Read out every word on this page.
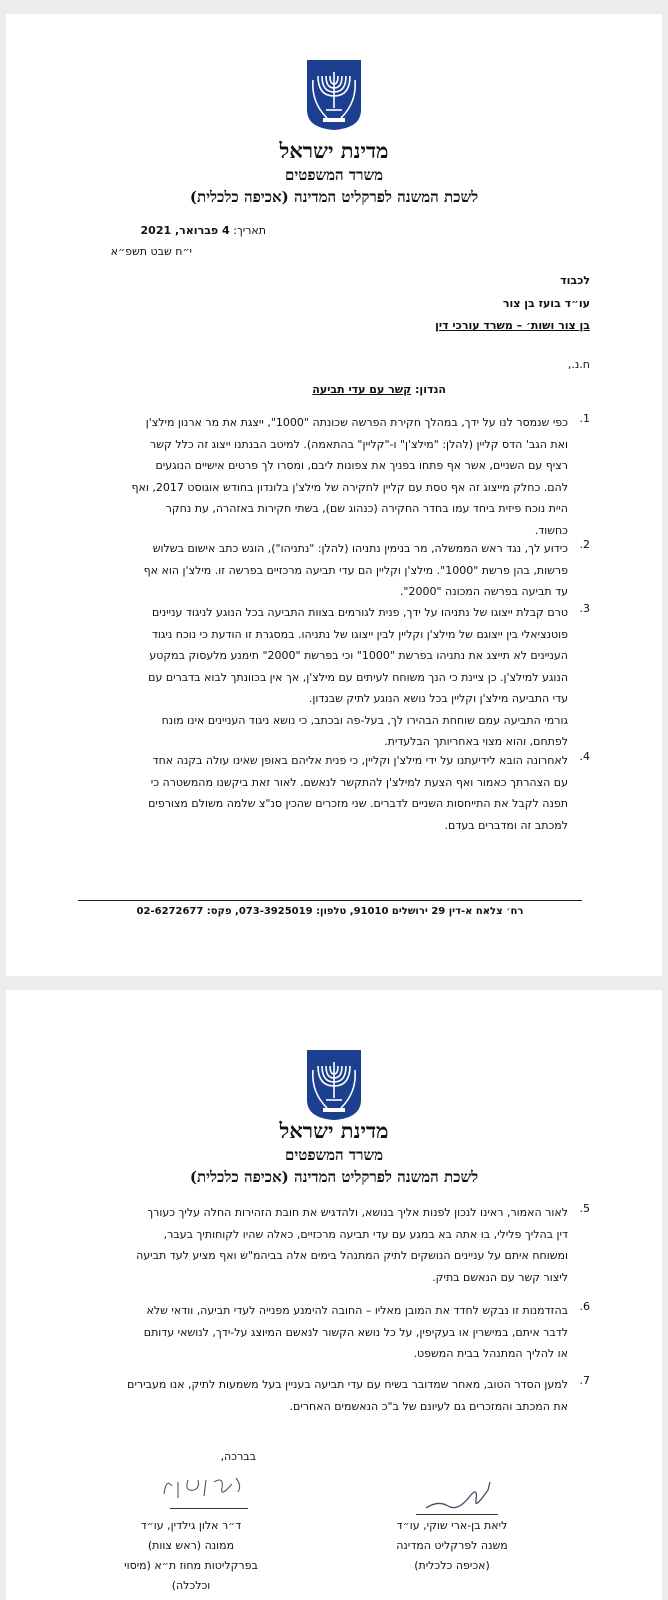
מדינת ישראל
משרד המשפטים
לשכת המשנה לפרקליט המדינה (אכיפה כלכלית)
תאריך: 4 פברואר, 2021
י״ח שבט תשפ״א
לכבוד
עו״ד בועז בן צור
בן צור ושות׳ – משרד עורכי דין
ח.נ.,
הנדון: קשר עם עדי תביעה
1.
כפי שנמסר לנו על ידך, במהלך חקירת הפרשה שכונתה "1000", ייצגת את מר ארנון מילצ'ן
ואת הגב' הדס קליין (להלן: "מילצ'ן" ו-"קליין" בהתאמה). למיטב הבנתנו ייצוג זה כלל קשר
רציף עם השניים, אשר אף פתחו בפניך את צפונות ליבם, ומסרו לך פרטים אישיים הנוגעים
להם. כחלק מייצוג זה אף טסת עם קליין לחקירה של מילצ'ן בלונדון בחודש אוגוסט 2017, ואף
היית נוכח פיזית ביחד עמו בחדר החקירה (כנהוג שם), בשתי חקירות באזהרה, עת נחקר
כחשוד.
2.
כידוע לך, נגד ראש הממשלה, מר בנימין נתניהו (להלן: "נתניהו"), הוגש כתב אישום בשלוש
פרשות, בהן פרשת "1000". מילצ'ן וקליין הם עדי תביעה מרכזיים בפרשה זו. מילצ'ן הוא אף
עד תביעה בפרשה המכונה "2000".
3.
טרם קבלת ייצוגו של נתניהו על ידך, פנית לגורמים בצוות התביעה בכל הנוגע לניגוד עניינים
פוטנציאלי בין ייצוגם של מילצ'ן וקליין לבין ייצוגו של נתניהו. במסגרת זו הודעת כי נוכח ניגוד
העניינים לא תייצג את נתניהו בפרשת "1000" וכי בפרשת "2000" תימנע מלעסוק במקטע
הנוגע למילצ'ן. כן ציינת כי הנך משוחח לעיתים עם מילצ'ן, אך אין בכוונתך לבוא בדברים עם
עדי התביעה מילצ'ן וקליין בכל נושא הנוגע לתיק שבנדון.
גורמי התביעה עמם שוחחת הבהירו לך, בעל-פה ובכתב, כי נושא ניגוד העניינים אינו מונח
לפתחם, והוא מצוי באחריותך הבלעדית.
4.
לאחרונה הובא לידיעתנו על ידי מילצ'ן וקליין, כי פנית אליהם באופן שאינו עולה בקנה אחד
עם הצהרתך כאמור ואף הצעת למילצ'ן להתקשר לנאשם. לאור זאת ביקשנו מהמשטרה כי
תפנה לקבל את התייחסות השניים לדברים. שני מזכרים שהכין סנ"צ שלמה משולם מצורפים
למכתב זה ומדברים בעדם.
רח׳ צלאח א-דין 29 ירושלים 91010, טלפון: 073-3925019, פקס: 02-6272677
מדינת ישראל
משרד המשפטים
לשכת המשנה לפרקליט המדינה (אכיפה כלכלית)
5.
לאור האמור, ראינו לנכון לפנות אליך בנושא, ולהדגיש את חובת הזהירות החלה עליך כעורך
דין בהליך פלילי, בו אתה בא במגע עם עדי תביעה מרכזיים, כאלה שהיו לקוחותיך בעבר,
ומשוחח איתם על עניינים הנושקים לתיק המתנהל בימים אלה בביהמ"ש ואף מציע לעד תביעה
ליצור קשר עם הנאשם בתיק.
6.
בהזדמנות זו נבקש לחדד את המובן מאליו – החובה להימנע מפנייה לעדי תביעה, וודאי שלא
לדבר איתם, במישרין או בעקיפין, על כל נושא הקשור לנאשם המיוצג על-ידך, לנושאי עדותם
או להליך המתנהל בבית המשפט.
7.
למען הסדר הטוב, מאחר שמדובר בשיח עם עדי תביעה בעניין בעל משמעות לתיק, אנו מעבירים
את המכתב והמזכרים גם לעיונם של ב"כ הנאשמים האחרים.
בברכה,
ליאת בן-ארי שוקי, עו״ד
משנה לפרקליט המדינה
(אכיפה כלכלית)
ד״ר אלון גילדין, עו״ד
ממונה (ראש צוות)
בפרקליטות מחוז ת״א (מיסוי וכלכלה)
